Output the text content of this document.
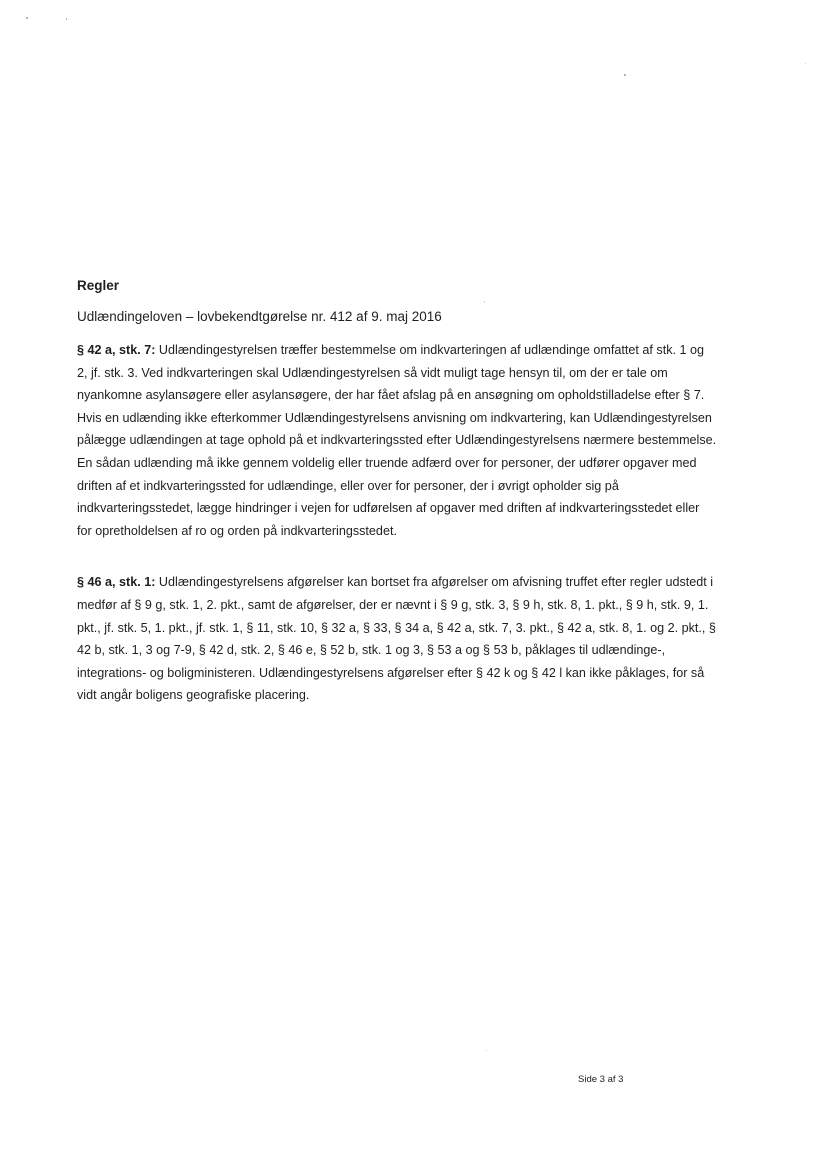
Regler
Udlændingeloven – lovbekendtgørelse nr. 412 af 9. maj 2016

§ 42 a, stk. 7: Udlændingestyrelsen træffer bestemmelse om indkvarteringen af udlændinge omfattet af stk. 1 og 2, jf. stk. 3. Ved indkvarteringen skal Udlændingestyrelsen så vidt muligt tage hensyn til, om der er tale om nyankomne asylansøgere eller asylansøgere, der har fået afslag på en ansøgning om opholdstilladelse efter § 7. Hvis en udlænding ikke efterkommer Udlændingestyrelsens anvisning om indkvartering, kan Udlændingestyrelsen pålægge udlændingen at tage ophold på et indkvarteringssted efter Udlændingestyrelsens nærmere bestemmelse. En sådan udlænding må ikke gennem voldelig eller truende adfærd over for personer, der udfører opgaver med driften af et indkvarteringssted for udlændinge, eller over for personer, der i øvrigt opholder sig på indkvarteringsstedet, lægge hindringer i vejen for udførelsen af opgaver med driften af indkvarteringsstedet eller for opretholdelsen af ro og orden på indkvarteringsstedet.

§ 46 a, stk. 1: Udlændingestyrelsens afgørelser kan bortset fra afgørelser om afvisning truffet efter regler udstedt i medfør af § 9 g, stk. 1, 2. pkt., samt de afgørelser, der er nævnt i § 9 g, stk. 3, § 9 h, stk. 8, 1. pkt., § 9 h, stk. 9, 1. pkt., jf. stk. 5, 1. pkt., jf. stk. 1, § 11, stk. 10, § 32 a, § 33, § 34 a, § 42 a, stk. 7, 3. pkt., § 42 a, stk. 8, 1. og 2. pkt., § 42 b, stk. 1, 3 og 7-9, § 42 d, stk. 2, § 46 e, § 52 b, stk. 1 og 3, § 53 a og § 53 b, påklages til udlændinge-, integrations- og boligministeren. Udlændingestyrelsens afgørelser efter § 42 k og § 42 l kan ikke påklages, for så vidt angår boligens geografiske placering.

Side 3 af 3
